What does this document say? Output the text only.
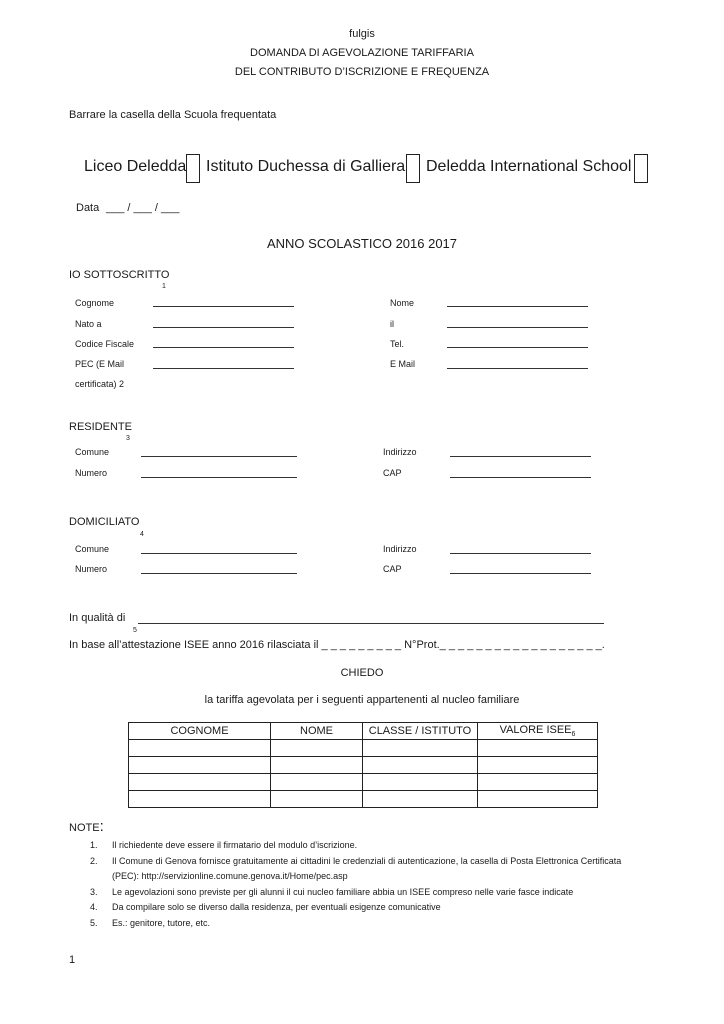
fulgis
DOMANDA DI AGEVOLAZIONE TARIFFARIA
DEL CONTRIBUTO D’ISCRIZIONE E FREQUENZA
Barrare la casella della Scuola frequentata
Liceo Deledda Istituto Duchessa di Galliera Deledda International School
Data ___ / ___ / ___
ANNO SCOLASTICO 2016 2017
IO SOTTOSCRITTO
1
Cognome	Nome
Nato a	il
Codice Fiscale	Tel.
PEC (E Mail	E Mail
certificata) 2
RESIDENTE
3
Comune	Indirizzo
Numero	CAP
DOMICILIATO
4
Comune	Indirizzo
Numero	CAP
In qualità di
5
In base all’attestazione ISEE anno 2016 rilasciata il _ _ _ _ _ _ _ _ _ N°Prot._ _ _ _ _ _ _ _ _ _ _ _ _ _ _ _ _ _.
CHIEDO
la tariffa agevolata per i seguenti appartenenti al nucleo familiare
COGNOME	NOME	CLASSE / ISTITUTO	VALORE $ISEE_6$

NOTE:
1.	Il richiedente deve essere il firmatario del modulo d’iscrizione.
2.	Il Comune di Genova fornisce gratuitamente ai cittadini le credenziali di autenticazione, la casella di Posta Elettronica Certificata (PEC): http://servizionline.comune.genova.it/Home/pec.asp
3.	Le agevolazioni sono previste per gli alunni il cui nucleo familiare abbia un ISEE compreso nelle varie fasce indicate
4.	Da compilare solo se diverso dalla residenza, per eventuali esigenze comunicative
5.	Es.: genitore, tutore, etc.
1
